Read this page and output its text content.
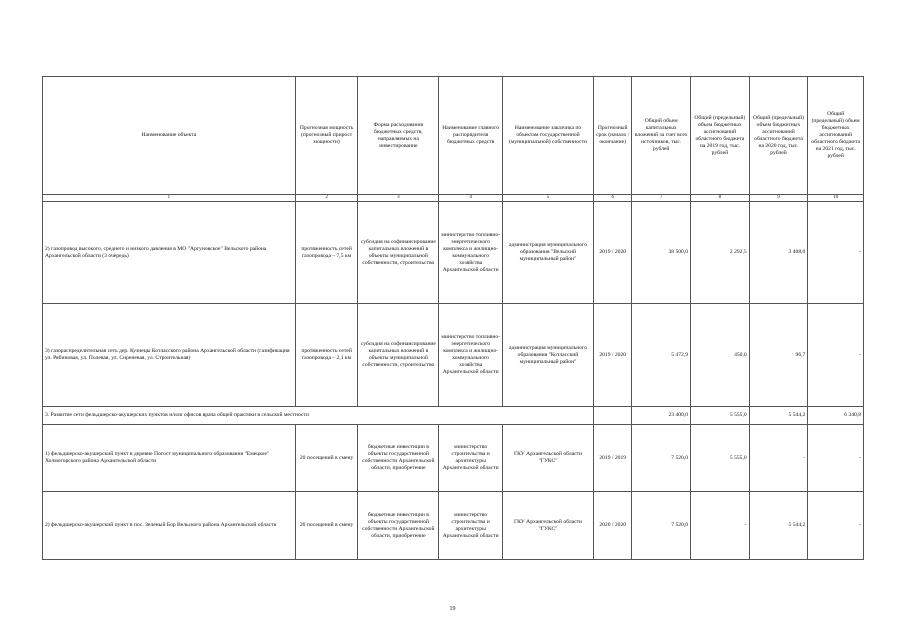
Наименование объекта	Прогнозная мощность (прогнозный прирост мощности)	Форма расходования бюджетных средств, направляемых на инвестирование	Наименование главного распорядителя бюджетных средств	Наименование заказчика по объектам государственной (муниципальной) собственности	Прогнозный срок (начало / окончание)	Общий объем капитальных вложений за счет всех источников, тыс. рублей	Общий (предельный) объем бюджетных ассигнований областного бюджета на 2019 год, тыс. рублей	Общий (предельный) объем бюджетных ассигнований областного бюджета на 2020 год, тыс. рублей	Общий (предельный) объем бюджетных ассигнований областного бюджета на 2021 год, тыс. рублей
1	2	3	4	5	6	7	8	9	10
2) газопровод высокого, среднего и низкого давления в МО "Аргуновское" Вельского района Архангельской области (3 очередь)	протяженность сетей газопровода – 7,5 км	субсидия на софинансирование капитальных вложений в объекты муниципальной собственности, строительство	министерство топливно-энергетического комплекса и жилищно-коммунального хозяйства Архангельской области	администрация муниципального образования "Вельский муниципальный район"	2019 / 2020	38 500,0	2 292,5	3 408,0	-
3) газораспределительная сеть дер. Кузнецы Котласского района Архангельской области (газификация ул. Рябиновая, ул. Полевая, ул. Сиреневая, ул. Строительная)	протяженность сетей газопровода – 2,1 км	субсидия на софинансирование капитальных вложений в объекты муниципальной собственности, строительство	министерство топливно-энергетического комплекса и жилищно-коммунального хозяйства Архангельской области	администрация муниципального образования "Котласский муниципальный район"	2019 / 2020	5 472,9	450,0	96,7	-
3. Развитие сети фельдшерско-акушерских пунктов и/или офисов врача общей практики в сельской местности						23 400,0	5 555,0	5 544,2	6 340,8
1) фельдшерско-акушерский пункт в деревне Погост муниципального образования "Емецкое" Холмогорского района Архангельской области	20 посещений в смену	бюджетные инвестиции в объекты государственной собственности Архангельской области, приобретение	министерство строительства и архитектуры Архангельской области	ГКУ Архангельской области "ГУКС"	2019 / 2019	7 520,0	5 555,0	-	-
2) фельдшерско-акушерский пункт в пос. Зеленый Бор Вельского района Архангельской области	20 посещений в смену	бюджетные инвестиции в объекты государственной собственности Архангельской области, приобретение	министерство строительства и архитектуры Архангельской области	ГКУ Архангельской области "ГУКС"	2020 / 2020	7 520,0	-	5 544,2	-
19
